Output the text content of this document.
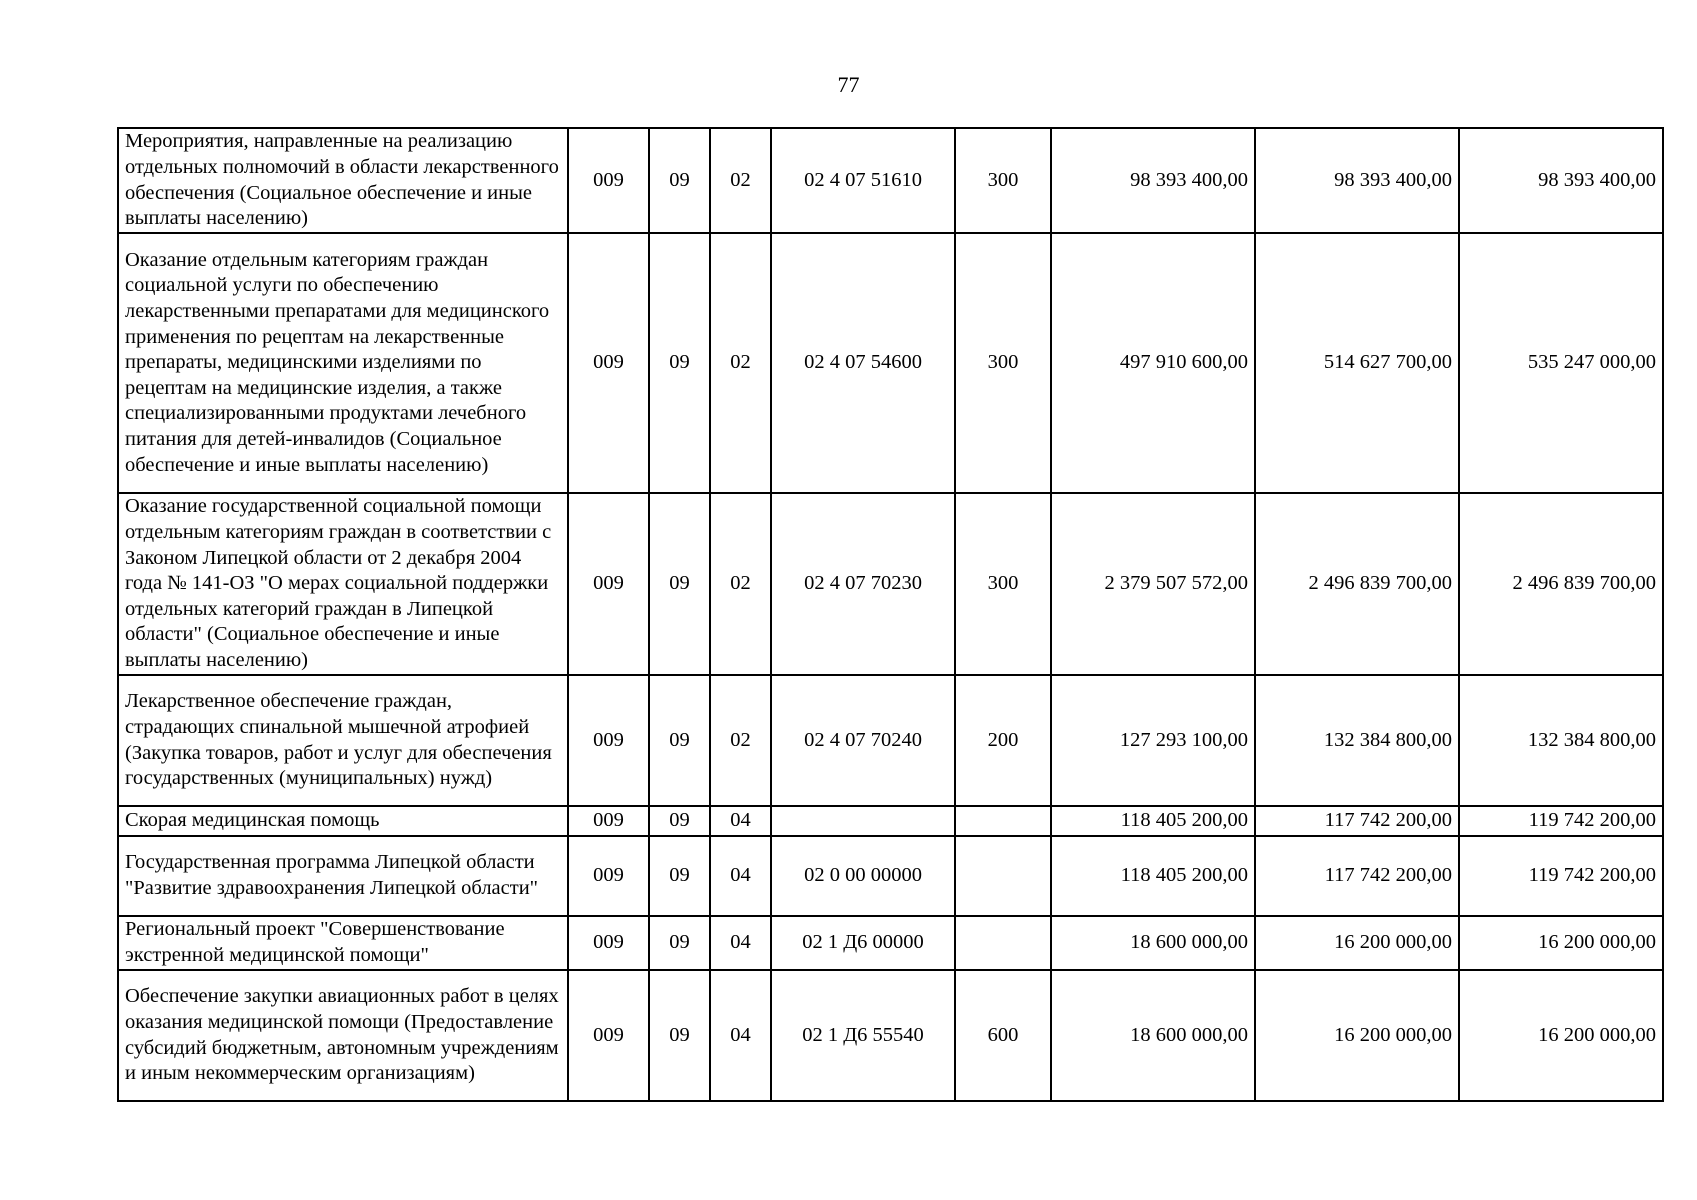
77
Мероприятия, направленные на реализацию отдельных полномочий в области лекарственного обеспечения (Социальное обеспечение и иные выплаты населению)	009	09	02	02 4 07 51610	300	98 393 400,00	98 393 400,00	98 393 400,00
Оказание отдельным категориям граждан социальной услуги по обеспечению лекарственными препаратами для медицинского применения по рецептам на лекарственные препараты, медицинскими изделиями по рецептам на медицинские изделия, а также специализированными продуктами лечебного питания для детей-инвалидов (Социальное обеспечение и иные выплаты населению)	009	09	02	02 4 07 54600	300	497 910 600,00	514 627 700,00	535 247 000,00
Оказание государственной социальной помощи отдельным категориям граждан в соответствии с Законом Липецкой области от 2 декабря 2004 года № 141-ОЗ "О мерах социальной поддержки отдельных категорий граждан в Липецкой области" (Социальное обеспечение и иные выплаты населению)	009	09	02	02 4 07 70230	300	2 379 507 572,00	2 496 839 700,00	2 496 839 700,00
Лекарственное обеспечение граждан, страдающих спинальной мышечной атрофией (Закупка товаров, работ и услуг для обеспечения государственных (муниципальных) нужд)	009	09	02	02 4 07 70240	200	127 293 100,00	132 384 800,00	132 384 800,00
Скорая медицинская помощь	009	09	04			118 405 200,00	117 742 200,00	119 742 200,00
Государственная программа Липецкой области "Развитие здравоохранения Липецкой области"	009	09	04	02 0 00 00000		118 405 200,00	117 742 200,00	119 742 200,00
Региональный проект "Совершенствование экстренной медицинской помощи"	009	09	04	02 1 Д6 00000		18 600 000,00	16 200 000,00	16 200 000,00
Обеспечение закупки авиационных работ в целях оказания медицинской помощи (Предоставление субсидий бюджетным, автономным учреждениям и иным некоммерческим организациям)	009	09	04	02 1 Д6 55540	600	18 600 000,00	16 200 000,00	16 200 000,00
